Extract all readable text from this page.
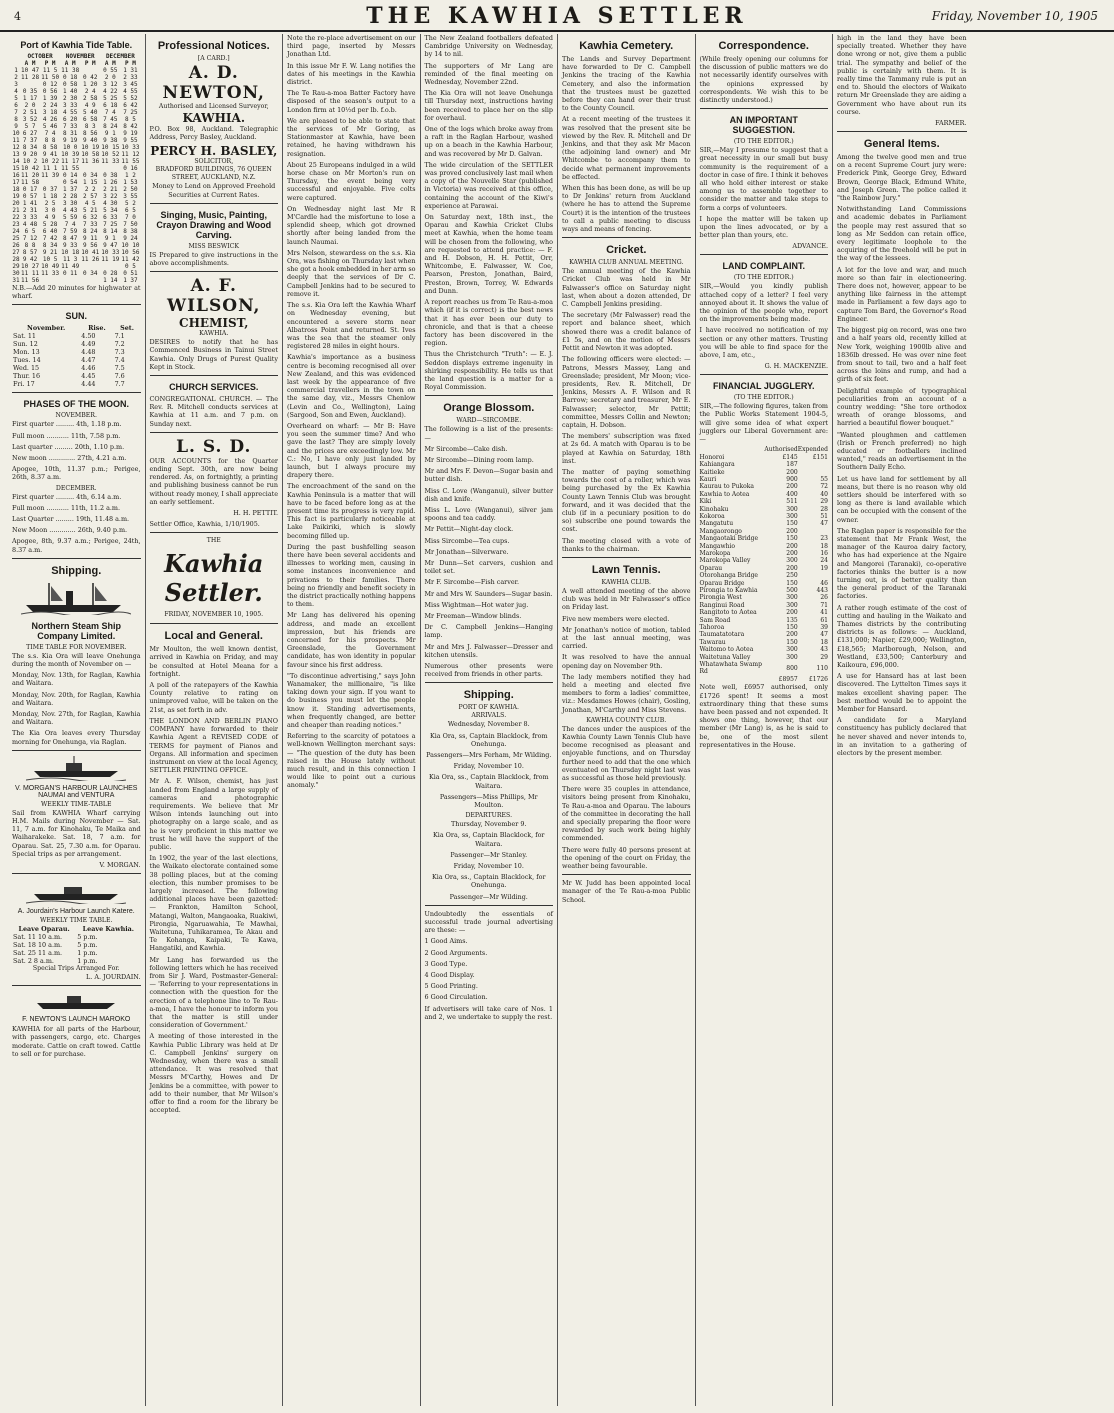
4	THE KAWHIA SETTLER	Friday, November 10, 1905
Port of Kawhia Tide Table.
	OCTOBER		NOVEMBER		DECEMBER	
	A M	P M	A M	P M	A M	P M
1	10 47	11 5	11 38		0 55	1 31
2	11 28	11 50	0 18	0 42	2 0	2 33
3		0 12	0 58	1 20	3 12	3 45
4	0 35	0 56	1 40	2 4	4 22	4 55
5	1 17	1 39	2 30	2 58	5 25	5 52
6	2 0	2 24	3 33	4 9	6 18	6 42
7	2 51	3 18	4 55	5 40	7 4	7 25
8	3 52	4 26	6 20	6 58	7 45	8 5
9	5 7	5 46	7 33	8 3	8 24	8 42
10	6 27	7 4	8 31	8 56	9 1	9 19
11	7 37	8 8	9 19	9 40	9 38	9 55
12	8 34	8 58	10 0	10 19	10 15	10 33
13	9 20	9 41	10 39	10 58	10 52	11 12
14	10 2	10 22	11 17	11 36	11 33	11 55
15	10 42	11 1	11 55			0 16
16	11 20	11 39	0 14	0 34	0 38	1 2
17	11 58		0 54	1 15	1 26	1 53
18	0 17	0 37	1 37	2 2	2 21	2 50
19	0 57	1 18	2 28	2 57	3 22	3 55
20	1 41	2 5	3 30	4 5	4 30	5 2
21	2 31	3 0	4 43	5 21	5 34	6 5
22	3 33	4 9	5 59	6 32	6 33	7 0
23	4 48	5 28	7 4	7 33	7 25	7 50
24	6 5	6 40	7 59	8 24	8 14	8 38
25	7 12	7 42	8 47	9 11	9 1	9 24
26	8 8	8 34	9 33	9 56	9 47	10 10
27	8 57	9 21	10 18	10 41	10 33	10 56
28	9 42	10 5	11 3	11 26	11 19	11 42
29	10 27	10 49	11 49			0 5
30	11 11	11 33	0 11	0 34	0 28	0 51
31	11 56				1 14	1 37
N.B.—Add 20 minutes for highwater at wharf.
SUN.
November.	Rise.	Set.
Sat. 11	4.50	7.1
Sun. 12	4.49	7.2
Mon. 13	4.48	7.3
Tues. 14	4.47	7.4
Wed. 15	4.46	7.5
Thur. 16	4.45	7.6
Fri. 17	4.44	7.7
PHASES OF THE MOON.
NOVEMBER.
First quarter ......... 4th, 1.18 p.m.
Full moon ........... 11th, 7.58 p.m.
Last quarter ......... 20th, 1.10 p.m.
New moon ............. 27th, 4.21 a.m.
Apogee, 10th, 11.37 p.m.; Perigee, 26th, 8.37 a.m.
DECEMBER.
First quarter ......... 4th, 6.14 a.m.
Full moon ........... 11th, 11.2 a.m.
Last Quarter ......... 19th, 11.48 a.m.
New Moon ............. 26th, 9.40 p.m.
Apogee, 8th, 9.37 a.m.; Perigee, 24th, 8.37 a.m.
Shipping.
Northern Steam Ship Company Limited.
TIME TABLE FOR NOVEMBER.
The s.s. Kia Ora will leave Onehunga during the month of November on —
Monday, Nov. 13th, for Raglan, Kawhia and Waitara.
Monday, Nov. 20th, for Raglan, Kawhia and Waitara.
Monday, Nov. 27th, for Raglan, Kawhia and Waitara.
The Kia Ora leaves every Thursday morning for Onehunga, via Raglan.
V. MORGAN'S HARBOUR LAUNCHES NAUMAI and VENTURA
WEEKLY TIME-TABLE
Sail from KAWHIA Wharf carrying H.M. Mails during November — Sat. 11, 7 a.m. for Kinohaku, Te Maika and Waiharakeke. Sat. 18, 7 a.m. for Oparau. Sat. 25, 7.30 a.m. for Oparau. Special trips as per arrangement.
V. MORGAN.
A. Jourdain's Harbour Launch Katere.
WEEKLY TIME TABLE.
Leave Oparau.	Leave Kawhia.
Sat. 11 10 a.m.	5 p.m.
Sat. 18 10 a.m.	5 p.m.
Sat. 25 11 a.m.	1 p.m.
Sat. 2 8 a.m.	1 p.m.
Special Trips Arranged For.
L. A. JOURDAIN.
F. NEWTON'S LAUNCH MAROKO
KAWHIA for all parts of the Harbour, with passengers, cargo, etc. Charges moderate. Cattle on craft towed. Cattle to sell or for purchase.
Professional Notices.
[A CARD.]
A. D. NEWTON,
Authorised and Licensed Surveyor,
KAWHIA.
P.O. Box 98, Auckland. Telegraphic Address, Percy Basley, Auckland.
PERCY H. BASLEY,
SOLICITOR,
BRADFORD BUILDINGS, 76 QUEEN STREET, AUCKLAND, N.Z.
Money to Lend on Approved Freehold Securities at Current Rates.
Singing, Music, Painting, Crayon Drawing and Wood Carving.
MISS BESWICK
IS Prepared to give instructions in the above accomplishments.
A. F. WILSON,
CHEMIST,
KAWHIA.
DESIRES to notify that he has Commenced Business in Tainui Street Kawhia. Only Drugs of Purest Quality Kept in Stock.
CHURCH SERVICES.
CONGREGATIONAL CHURCH. — The Rev. R. Mitchell conducts services at Kawhia at 11 a.m. and 7 p.m. on Sunday next.
L. S. D.
OUR ACCOUNTS for the Quarter ending Sept. 30th, are now being rendered. As, on fortnightly, a printing and publishing business cannot be run without ready money, I shall appreciate an early settlement.
H. H. PETTIT.
Settler Office, Kawhia, 1/10/1905.
THE
Kawhia Settler.
FRIDAY, NOVEMBER 10, 1905.
Local and General.
Mr Moulton, the well known dentist, arrived in Kawhia on Friday, and may be consulted at Hotel Meana for a fortnight.
A poll of the ratepayers of the Kawhia County relative to rating on unimproved value, will be taken on the 21st, as set forth in adv.
THE LONDON AND BERLIN PIANO COMPANY have forwarded to their Kawhia Agent a REVISED CODE of TERMS for payment of Pianos and Organs. All information and specimen instrument on view at the local Agency, SETTLER PRINTING OFFICE.
Mr A. F. Wilson, chemist, has just landed from England a large supply of cameras and photographic requirements. We believe that Mr Wilson intends launching out into photography on a large scale, and as he is very proficient in this matter we trust he will have the support of the public.
In 1902, the year of the last elections, the Waikato electorate contained some 38 polling places, but at the coming election, this number promises to be largely increased. The following additional places have been gazetted: — Frankton, Hamilton School, Matangi, Walton, Mangaoaka, Ruakiwi, Pirongia, Ngaruawahia, Te Mawhai, Waitetuna, Tuhikaramea, Te Akau and Te Kohanga, Kaipaki, Te Kawa, Hangatiki, and Kawhia.
Mr Lang has forwarded us the following letters which he has received from Sir J. Ward, Postmaster-General: — 'Referring to your representations in connection with the question for the erection of a telephone line to Te Rau-a-moa, I have the honour to inform you that the matter is still under consideration of Government.'
A meeting of those interested in the Kawhia Public Library was held at Dr C. Campbell Jenkins' surgery on Wednesday, when there was a small attendance. It was resolved that Messrs M'Carthy, Howes and Dr Jenkins be a committee, with power to add to their number, that Mr Wilson's offer to find a room for the library be accepted.
Note the re-place advertisement on our third page, inserted by Messrs Jonathan Ltd.
In this issue Mr F. W. Lang notifies the dates of his meetings in the Kawhia district.
The Te Rau-a-moa Batter Factory have disposed of the season's output to a London firm at 10½d per lb. f.o.b.
We are pleased to be able to state that the services of Mr Goring, as Stationmaster at Kawhia, have been retained, he having withdrawn his resignation.
About 25 Europeans indulged in a wild horse chase on Mr Morton's run on Thursday, the event being very successful and enjoyable. Five colts were captured.
On Wednesday night last Mr R M'Cardle had the misfortune to lose a splendid sheep, which got drowned shortly after being landed from the launch Naumai.
Mrs Nelson, stewardess on the s.s. Kia Ora, was fishing on Thursday last when she got a hook embedded in her arm so deeply that the services of Dr C. Campbell Jenkins had to be secured to remove it.
The s.s. Kia Ora left the Kawhia Wharf on Wednesday evening, but encountered a severe storm near Albatross Point and returned. St. Ives was the sea that the steamer only registered 28 miles in eight hours.
Kawhia's importance as a business centre is becoming recognised all over New Zealand, and this was evidenced last week by the appearance of five commercial travellers in the town on the same day, viz., Messrs Chenlow (Levin and Co., Wellington), Laing (Sargood, Son and Ewen, Auckland).
Overheard on wharf: — Mr B: Have you seen the summer time? And who gave the last? They are simply lovely and the prices are exceedingly low. Mr C.: No, I have only just landed by launch, but I always procure my drapery there.
The encroachment of the sand on the Kawhia Peninsula is a matter that will have to be faced before long as at the present time its progress is very rapid. This fact is particularly noticeable at Lake Paikiriki, which is slowly becoming filled up.
During the past bushfelling season there have been several accidents and illnesses to working men, causing in some instances inconvenience and privations to their families. There being no friendly and benefit society in the district practically nothing happens to them.
Mr Lang has delivered his opening address, and made an excellent impression, but his friends are concerned for his prospects. Mr Greenslade, the Government candidate, has won identity in popular favour since his first address.
"To discontinue advertising," says John Wanamaker, the millionaire, "is like taking down your sign. If you want to do business you must let the people know it. Standing advertisements, when frequently changed, are better and cheaper than reading notices."
Referring to the scarcity of potatoes a well-known Wellington merchant says: — "The question of the duty has been raised in the House lately without much result, and in this connection I would like to point out a curious anomaly."
The New Zealand footballers defeated Cambridge University on Wednesday, by 14 to nil.
The supporters of Mr Lang are reminded of the final meeting on Wednesday, November 22nd.
The Kia Ora will not leave Onehunga till Thursday next, instructions having been received to place her on the slip for overhaul.
One of the logs which broke away from a raft in the Raglan Harbour, washed up on a beach in the Kawhia Harbour, and was recovered by Mr D. Galvan.
The wide circulation of the SETTLER was proved conclusively last mail when a copy of the Nouvelle Star (published in Victoria) was received at this office, containing the account of the Kiwi's experience at Parawai.
On Saturday next, 18th inst., the Oparau and Kawhia Cricket Clubs meet at Kawhia, when the home team will be chosen from the following, who are requested to attend practice: — F. and H. Dobson, H. H. Pettit, Orr, Whitcombe, E. Falwasser, W. Coe, Pearson, Preston, Jonathan, Baird, Preston, Brown, Torrey, W. Edwards and Dunn.
A report reaches us from Te Rau-a-moa which (if it is correct) is the best news that it has ever been our duty to chronicle, and that is that a cheese factory has been discovered in the region.
Thus the Christchurch "Truth": — E. J. Seddon displays extreme ingenuity in shirking responsibility. He tells us that the land question is a matter for a Royal Commission.
Orange Blossom.
WARD—SIRCOMBE.
The following is a list of the presents: —
Mr Sircombe—Cake dish.
Mr Sircombe—Dining room lamp.
Mr and Mrs F. Devon—Sugar basin and butter dish.
Miss C. Love (Wanganui), silver butter dish and knife.
Miss L. Love (Wanganui), silver jam spoons and tea caddy.
Mr Pettit—Night-day clock.
Miss Sircombe—Tea cups.
Mr Jonathan—Silverware.
Mr Dunn—Set carvers, cushion and toilet set.
Mr F. Sircombe—Fish carver.
Mr and Mrs W. Saunders—Sugar basin.
Miss Wightman—Hot water jug.
Mr Freeman—Window blinds.
Dr C. Campbell Jenkins—Hanging lamp.
Mr and Mrs J. Falwasser—Dresser and kitchen utensils.
Numerous other presents were received from friends in other parts.
Shipping.
PORT OF KAWHIA.
ARRIVALS.
Wednesday, November 8.
Kia Ora, ss, Captain Blacklock, from Onehunga.
Passengers—Mrs Ferham, Mr Wilding.
Friday, November 10.
Kia Ora, ss., Captain Blacklock, from Waitara.
Passengers—Miss Phillips, Mr Moulton.
DEPARTURES.
Thursday, November 9.
Kia Ora, ss, Captain Blacklock, for Waitara.
Passenger—Mr Stanley.
Friday, November 10.
Kia Ora, ss., Captain Blacklock, for Onehunga.
Passenger—Mr Wilding.
Undoubtedly the essentials of successful trade journal advertising are these: —
1 Good Aims.
2 Good Arguments.
3 Good Type.
4 Good Display.
5 Good Printing.
6 Good Circulation.
If advertisers will take care of Nos. 1 and 2, we undertake to supply the rest.
Kawhia Cemetery.
The Lands and Survey Department have forwarded to Dr C. Campbell Jenkins the tracing of the Kawhia Cemetery, and also the information that the trustees must be gazetted before they can hand over their trust to the County Council.
At a recent meeting of the trustees it was resolved that the present site be viewed by the Rev. R. Mitchell and Dr Jenkins, and that they ask Mr Macon (the adjoining land owner) and Mr Whitcombe to accompany them to decide what permanent improvements be effected.
When this has been done, as will be up to Dr Jenkins' return from Auckland (where he has to attend the Supreme Court) it is the intention of the trustees to call a public meeting to discuss ways and means of fencing.
Cricket.
KAWHIA CLUB ANNUAL MEETING.
The annual meeting of the Kawhia Cricket Club was held in Mr Falwasser's office on Saturday night last, when about a dozen attended, Dr C. Campbell Jenkins presiding.
The secretary (Mr Falwasser) read the report and balance sheet, which showed there was a credit balance of £1 5s, and on the motion of Messrs Pettit and Newton it was adopted.
The following officers were elected: — Patrons, Messrs Massey, Lang and Greenslade; president, Mr Moon; vice-presidents, Rev. R. Mitchell, Dr Jenkins, Messrs A. F. Wilson and R Barrow; secretary and treasurer, Mr E. Falwasser; selector, Mr Pettit; committee, Messrs Collin and Newton; captain, H. Dobson.
The members' subscription was fixed at 2s 6d. A match with Oparau is to be played at Kawhia on Saturday, 18th inst.
The matter of paying something towards the cost of a roller, which was being purchased by the Ex Kawhia County Lawn Tennis Club was brought forward, and it was decided that the club (if in a pecuniary position to do so) subscribe one pound towards the cost.
The meeting closed with a vote of thanks to the chairman.
Lawn Tennis.
KAWHIA CLUB.
A well attended meeting of the above club was held in Mr Falwasser's office on Friday last.
Five new members were elected.
Mr Jonathan's notice of motion, tabled at the last annual meeting, was carried.
It was resolved to have the annual opening day on November 9th.
The lady members notified they had held a meeting and elected five members to form a ladies' committee, viz.: Mesdames Howes (chair), Gosling, Jonathan, M'Carthy and Miss Stevens.
KAWHIA COUNTY CLUB.
The dances under the auspices of the Kawhia County Lawn Tennis Club have become recognised as pleasant and enjoyable functions, and on Thursday further need to add that the one which eventuated on Thursday night last was as successful as those held previously.
There were 35 couples in attendance, visitors being present from Kinohaku, Te Rau-a-moa and Oparau. The labours of the committee in decorating the hall and specially preparing the floor were rewarded by such work being highly commended.
There were fully 40 persons present at the opening of the court on Friday, the weather being favourable.
Mr W. Judd has been appointed local manager of the Te Rau-a-moa Public School.
Correspondence.
(While freely opening our columns for the discussion of public matters we do not necessarily identify ourselves with the opinions expressed by correspondents. We wish this to be distinctly understood.)
AN IMPORTANT SUGGESTION.
(TO THE EDITOR.)
SIR,—May I presume to suggest that a great necessity in our small but busy community is the requirement of a doctor in case of fire. I think it behoves all who hold either interest or stake among us to assemble together to consider the matter and take steps to form a corps of volunteers.
I hope the matter will be taken up upon the lines advocated, or by a better plan than yours, etc.
ADVANCE.
LAND COMPLAINT.
(TO THE EDITOR.)
SIR,—Would you kindly publish attached copy of a letter? I feel very annoyed about it. It shows the value of the opinion of the people who, report on the improvements being made.
I have received no notification of my section or any other matters. Trusting you will be able to find space for the above, I am, etc.,
G. H. MACKENZIE.
FINANCIAL JUGGLERY.
(TO THE EDITOR.)
SIR,—The following figures, taken from the Public Works Statement 1904-5, will give some idea of what expert jugglers our Liberal Government are: —
	Authorised	Expended
Honoroi	£145	£151
Kahiangara	187	
Kaitieke	200	
Kauri	900	55
Kaurau to Pukoka	200	72
Kawhia to Aotea	400	40
Kiki	511	29
Kinohaku	300	28
Kokoroa	300	51
Mangatutu	150	47
Mangaorongo	200	
Mangaotaki Bridge	150	23
Mangawhio	200	18
Marokopa	200	16
Marokopa Valley	300	24
Oparau	200	19
Otorohanga Bridge	250	
Oparau Bridge	150	46
Pirongia to Kawhia	500	443
Pirongia West	300	26
Ranginui Road	300	71
Rangitoto to Aotea	200	41
Sam Road	135	61
Tahoroa	150	39
Taumatatotara	200	47
Tawarau	150	18
Waitomo to Aotea	300	43
Waitetuna Valley	300	29
Whatawhata Swamp Rd	800	110
	£8957	£1726
Note well, £6957 authorised, only £1726 spent! It seems a most extraordinary thing that these sums have been passed and not expended. It shows one thing, however, that our member (Mr Lang) is, as he is said to be, one of the most silent representatives in the House.
high in the land they have been specially treated. Whether they have done wrong or not, give them a public trial. The sympathy and belief of the public is certainly with them. It is really time the Tammany rule is put an end to. Should the electors of Waikato return Mr Greenslade they are aiding a Government who have about run its course.
FARMER.
General Items.
Among the twelve good men and true on a recent Supreme Court jury were: Frederick Pink, George Grey, Edward Brown, George Black, Edmund White, and Joseph Green. The police called it "the Rainbow Jury."
Notwithstanding Land Commissions and academic debates in Parliament the people may rest assured that so long as Mr Seddon can retain office, every legitimate loophole to the acquiring of the freehold will be put in the way of the lessees.
A lot for the love and war, and much more so than fair in electioneering. There does not, however, appear to be anything like fairness in the attempt made in Parliament a few days ago to capture Tom Bard, the Governor's Road Engineer.
The biggest pig on record, was one two and a half years old, recently killed at New York, weighing 1900lb alive and 1836lb dressed. He was over nine feet from snout to tail, two and a half feet across the loins and rump, and had a girth of six feet.
Delightful example of typographical peculiarities from an account of a country wedding: "She tore orthodox wreath of orange blossoms, and harried a beautiful flower bouquet."
"Wanted ploughmen and cattlemen (Irish or French preferred) no high educated or footballers inclined wanted," reads an advertisement in the Southern Daily Echo.
Let us have land for settlement by all means, but there is no reason why old settlers should be interfered with so long as there is land available which can be occupied with the consent of the owner.
The Raglan paper is responsible for the statement that Mr Frank West, the manager of the Kauroa dairy factory, who has had experience at the Ngaire and Mangorei (Taranaki), co-operative factories thinks the butter is a now turning out, is of better quality than the general product of the Taranaki factories.
A rather rough estimate of the cost of cutting and hauling in the Waikato and Thames districts by the contributing districts is as follows: — Auckland, £131,000; Napier, £29,000; Wellington, £18,565; Marlborough, Nelson, and Westland, £33,500; Canterbury and Kaikoura, £96,000.
A use for Hansard has at last been discovered. The Lyttelton Times says it makes excellent shaving paper. The best method would be to appoint the Member for Hansard.
A candidate for a Maryland constituency has publicly declared that he never shaved and never intends to, in an invitation to a gathering of electors by the present member.
